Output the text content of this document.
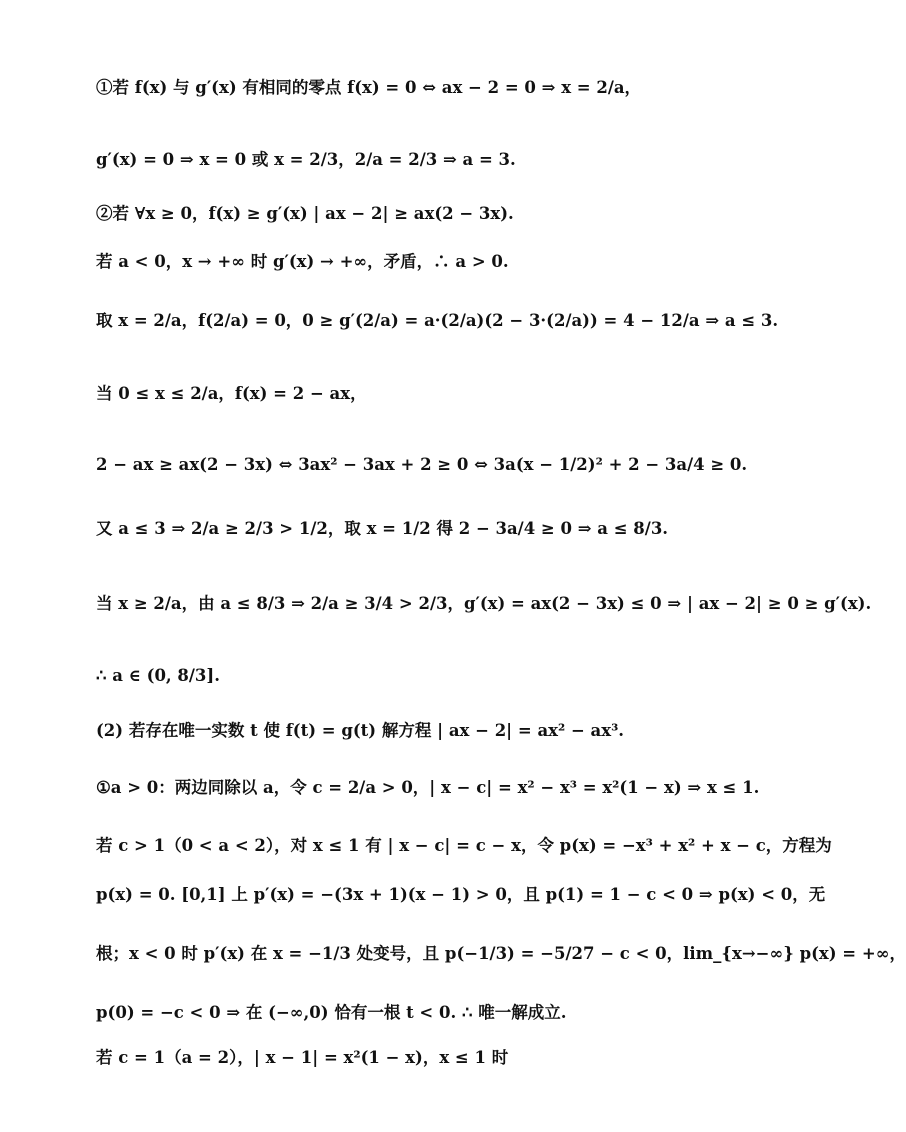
①若 f(x) 与 g′(x) 有相同的零点 f(x) = 0 ⇔ ax − 2 = 0 ⇒ x = 2/a，
g′(x) = 0 ⇒ x = 0 或 x = 2/3，2/a = 2/3 ⇒ a = 3.
②若 ∀x ≥ 0，f(x) ≥ g′(x) | ax − 2| ≥ ax(2 − 3x).
若 a < 0，x → +∞ 时 g′(x) → +∞，矛盾，∴ a > 0.
取 x = 2/a，f(2/a) = 0，0 ≥ g′(2/a) = a·(2/a)(2 − 3·(2/a)) = 4 − 12/a ⇒ a ≤ 3.
当 0 ≤ x ≤ 2/a，f(x) = 2 − ax，
2 − ax ≥ ax(2 − 3x) ⇔ 3ax² − 3ax + 2 ≥ 0 ⇔ 3a(x − 1/2)² + 2 − 3a/4 ≥ 0.
又 a ≤ 3 ⇒ 2/a ≥ 2/3 > 1/2，取 x = 1/2 得 2 − 3a/4 ≥ 0 ⇒ a ≤ 8/3.
当 x ≥ 2/a，由 a ≤ 8/3 ⇒ 2/a ≥ 3/4 > 2/3，g′(x) = ax(2 − 3x) ≤ 0 ⇒ | ax − 2| ≥ 0 ≥ g′(x).
∴ a ∈ (0, 8/3].
(2) 若存在唯一实数 t 使 f(t) = g(t) 解方程 | ax − 2| = ax² − ax³.
①a > 0：两边同除以 a，令 c = 2/a > 0，| x − c| = x² − x³ = x²(1 − x) ⇒ x ≤ 1.
若 c > 1（0 < a < 2），对 x ≤ 1 有 | x − c| = c − x，令 p(x) = −x³ + x² + x − c，方程为
p(x) = 0. [0,1] 上 p′(x) = −(3x + 1)(x − 1) > 0，且 p(1) = 1 − c < 0 ⇒ p(x) < 0，无
根；x < 0 时 p′(x) 在 x = −1/3 处变号，且 p(−1/3) = −5/27 − c < 0，lim_{x→−∞} p(x) = +∞，
p(0) = −c < 0 ⇒ 在 (−∞,0) 恰有一根 t < 0. ∴ 唯一解成立.
若 c = 1（a = 2），| x − 1| = x²(1 − x)，x ≤ 1 时
